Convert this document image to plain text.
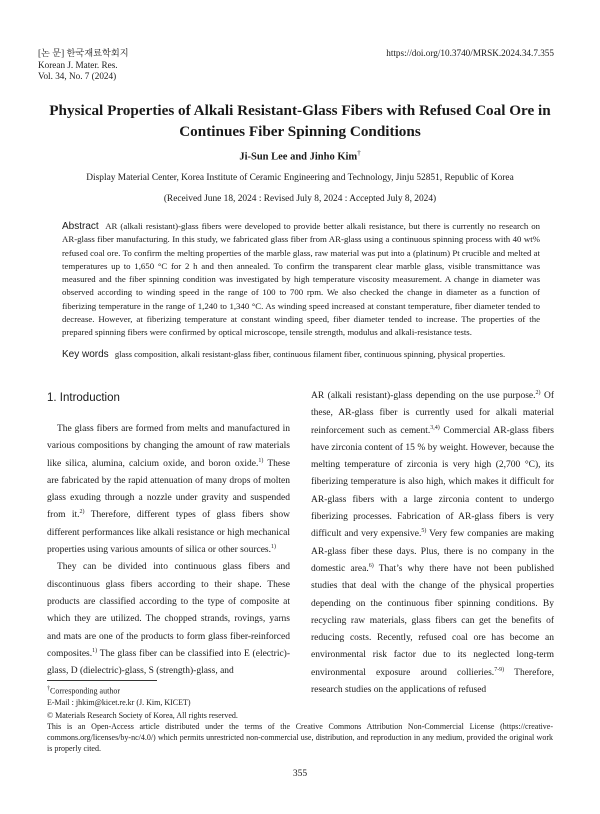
[논 문] 한국재료학회지
Korean J. Mater. Res.
Vol. 34, No. 7 (2024)
https://doi.org/10.3740/MRSK.2024.34.7.355
Physical Properties of Alkali Resistant-Glass Fibers with Refused Coal Ore in Continues Fiber Spinning Conditions
Ji-Sun Lee and Jinho Kim†
Display Material Center, Korea Institute of Ceramic Engineering and Technology, Jinju 52851, Republic of Korea
(Received June 18, 2024 : Revised July 8, 2024 : Accepted July 8, 2024)
Abstract AR (alkali resistant)-glass fibers were developed to provide better alkali resistance, but there is currently no research on AR-glass fiber manufacturing. In this study, we fabricated glass fiber from AR-glass using a continuous spinning process with 40 wt% refused coal ore. To confirm the melting properties of the marble glass, raw material was put into a (platinum) Pt crucible and melted at temperatures up to 1,650 °C for 2 h and then annealed. To confirm the transparent clear marble glass, visible transmittance was measured and the fiber spinning condition was investigated by high temperature viscosity measurement. A change in diameter was observed according to winding speed in the range of 100 to 700 rpm. We also checked the change in diameter as a function of fiberizing temperature in the range of 1,240 to 1,340 °C. As winding speed increased at constant temperature, fiber diameter tended to decrease. However, at fiberizing temperature at constant winding speed, fiber diameter tended to increase. The properties of the prepared spinning fibers were confirmed by optical microscope, tensile strength, modulus and alkali-resistance tests.
Key words glass composition, alkali resistant-glass fiber, continuous filament fiber, continuous spinning, physical properties.
1. Introduction

The glass fibers are formed from melts and manufactured in various compositions by changing the amount of raw materials like silica, alumina, calcium oxide, and boron oxide.$^{1)}$ These are fabricated by the rapid attenuation of many drops of molten glass exuding through a nozzle under gravity and suspended from it.$^{2)}$ Therefore, different types of glass fibers show different performances like alkali resistance or high mechanical properties using various amounts of silica or other sources.$^{1)}$

They can be divided into continuous glass fibers and discontinuous glass fibers according to their shape. These products are classified according to the type of composite at which they are utilized. The chopped strands, rovings, yarns and mats are one of the products to form glass fiber-reinforced composites.$^{1)}$ The glass fiber can be classified into E (electric)-glass, D (dielectric)-glass, S (strength)-glass, and

AR (alkali resistant)-glass depending on the use purpose.$^{2)}$ Of these, AR-glass fiber is currently used for alkali material reinforcement such as cement.$^{3,4)}$ Commercial AR-glass fibers have zirconia content of 15 % by weight. However, because the melting temperature of zirconia is very high (2,700 °C), its fiberizing temperature is also high, which makes it difficult for AR-glass fibers with a large zirconia content to undergo fiberizing processes. Fabrication of AR-glass fibers is very difficult and very expensive.$^{5)}$ Very few companies are making AR-glass fiber these days. Plus, there is no company in the domestic area.$^{6)}$ That’s why there have not been published studies that deal with the change of the physical properties depending on the continuous fiber spinning conditions. By recycling raw materials, glass fibers can get the benefits of reducing costs. Recently, refused coal ore has become an environmental risk factor due to its neglected long-term environmental exposure around collieries.$^{7-9)}$ Therefore, research studies on the applications of refused

†Corresponding author
E-Mail : jhkim@kicet.re.kr (J. Kim, KICET)
© Materials Research Society of Korea, All rights reserved.
This is an Open-Access article distributed under the terms of the Creative Commons Attribution Non-Commercial License (https://creative-commons.org/licenses/by-nc/4.0/) which permits unrestricted non-commercial use, distribution, and reproduction in any medium, provided the original work is properly cited.
355
